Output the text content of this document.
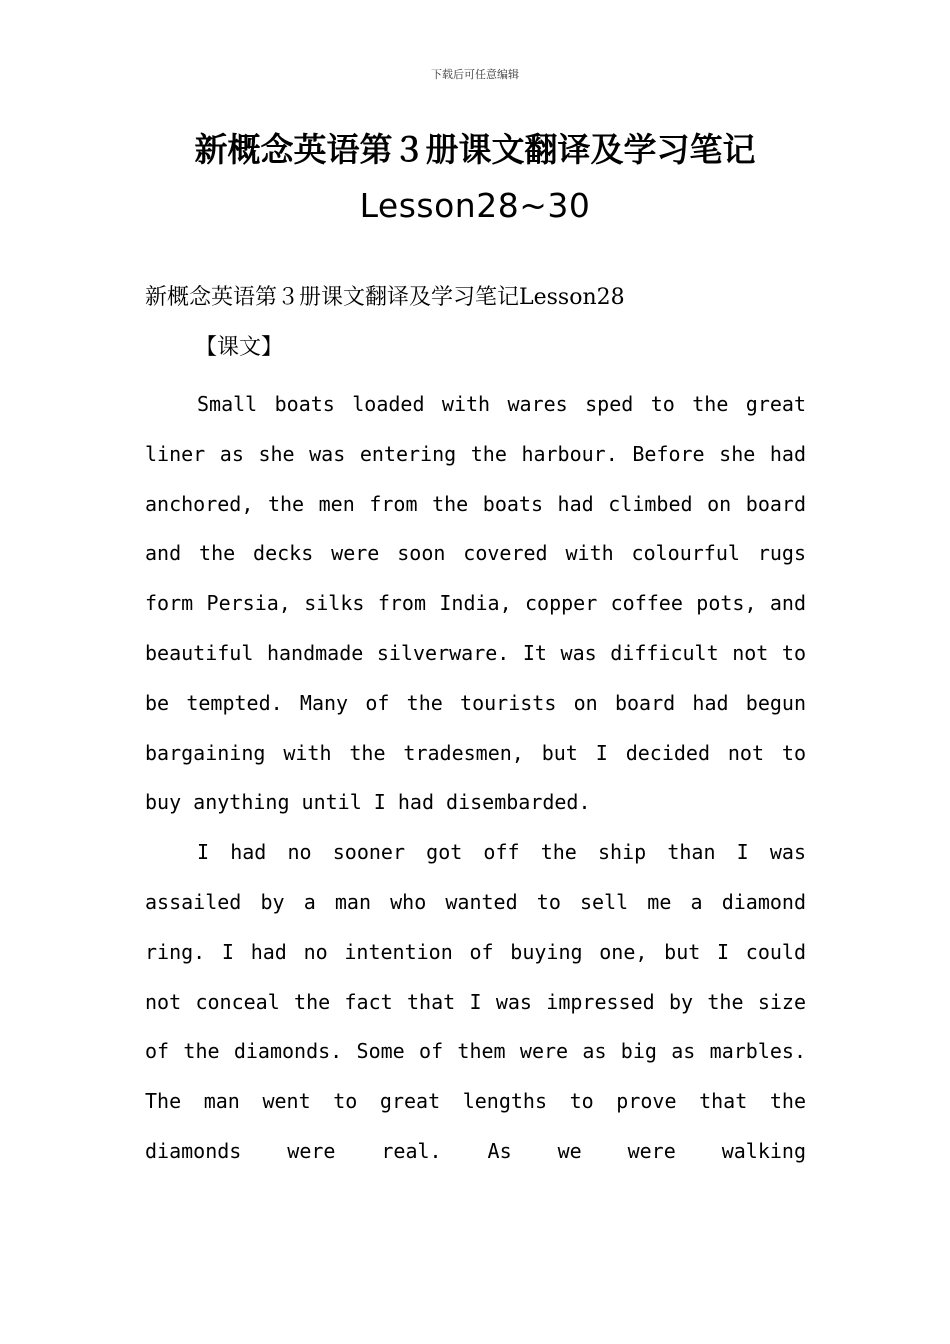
下载后可任意编辑
新概念英语第３册课文翻译及学习笔记
Lesson28~30
新概念英语第３册课文翻译及学习笔记Lesson28
【课文】

Small boats loaded with wares sped to the great liner as she was entering the harbour. Before she had anchored, the men from the boats had climbed on board and the decks were soon covered with colourful rugs form Persia, silks from India, copper coffee pots, and beautiful handmade silverware. It was difficult not to be tempted. Many of the tourists on board had begun bargaining with the tradesmen, but I decided not to buy anything until I had disembarded.

I had no sooner got off the ship than I was assailed by a man who wanted to sell me a diamond ring. I had no intention of buying one, but I could not conceal the fact that I was impressed by the size of the diamonds. Some of them were as big as marbles. The man went to great lengths to prove that the diamonds were real. As we were walking
